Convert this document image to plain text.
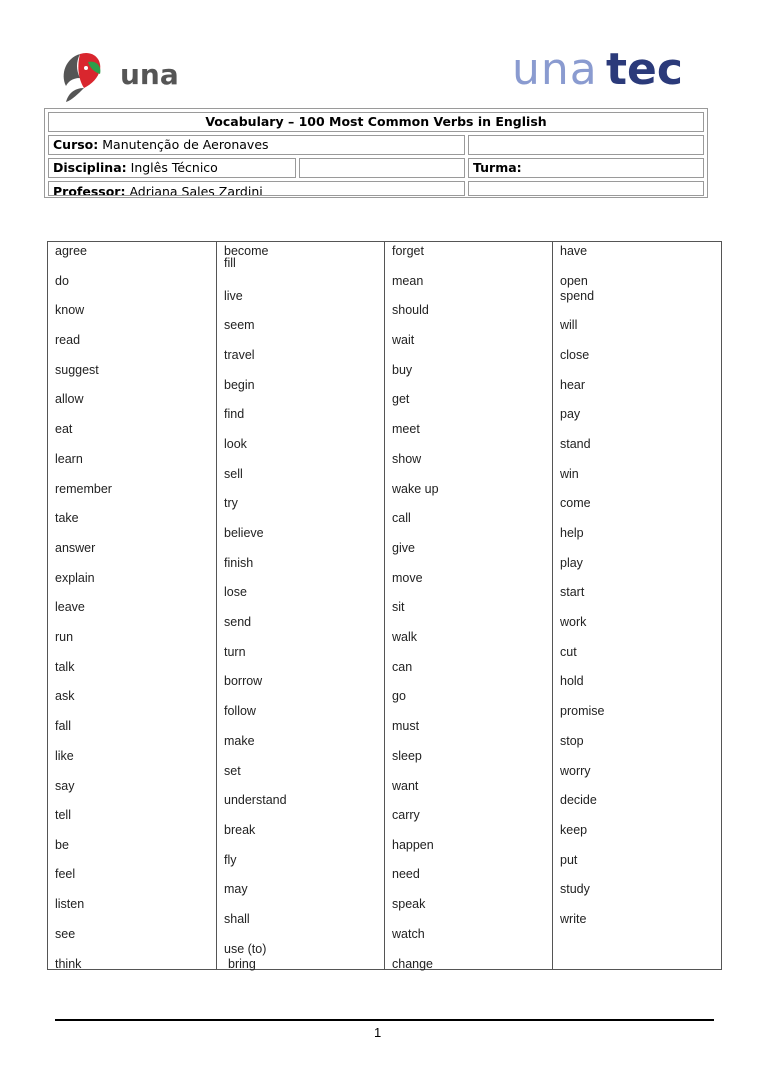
una	una tec
Vocabulary – 100 Most Common Verbs in English
Curso: Manutenção de Aeronaves
Disciplina: Inglês Técnico	Turma:
Professor: Adriana Sales Zardini
agree
do
know
read
suggest
allow
eat
learn
remember
take
answer
explain
leave
run
talk
ask
fall
like
say
tell
be
feel
listen
see
think
become
fill
live
seem
travel
begin
find
look
sell
try
believe
finish
lose
send
turn
borrow
follow
make
set
understand
break
fly
may
shall
use (to)
bring
forget
mean
should
wait
buy
get
meet
show
wake up
call
give
move
sit
walk
can
go
must
sleep
want
carry
happen
need
speak
watch
change
have
open
spend
will
close
hear
pay
stand
win
come
help
play
start
work
cut
hold
promise
stop
worry
decide
keep
put
study
write
1
